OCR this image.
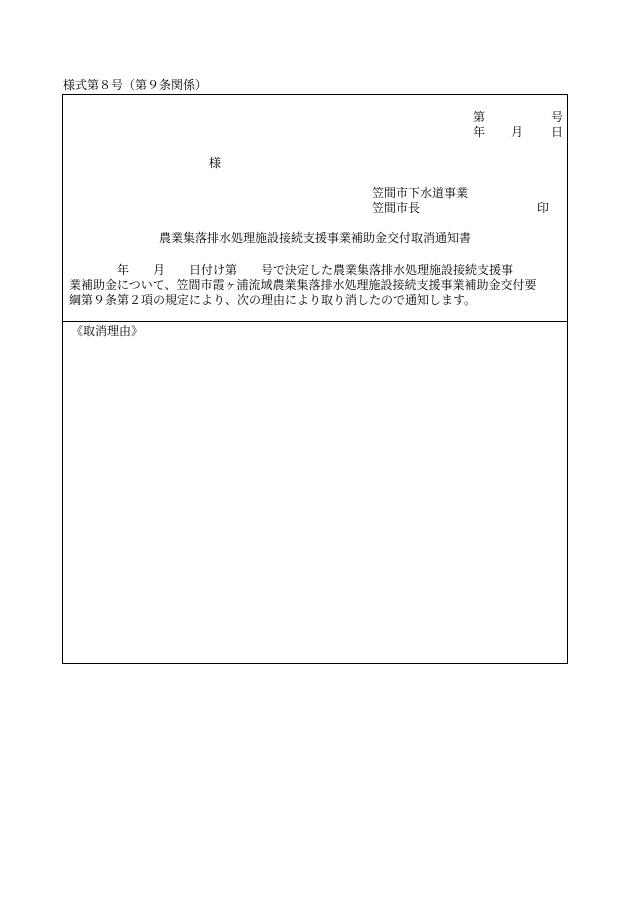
様式第８号（第９条関係）
第	号
年 月 日
様
笠間市下水道事業
笠間市長	印
農業集落排水処理施設接続支援事業補助金交付取消通知書
　　　　年　　月　　日付け第　　号で決定した農業集落排水処理施設接続支援事
業補助金について、笠間市霞ヶ浦流域農業集落排水処理施設接続支援事業補助金交付要
綱第９条第２項の規定により、次の理由により取り消したので通知します。
《取消理由》
